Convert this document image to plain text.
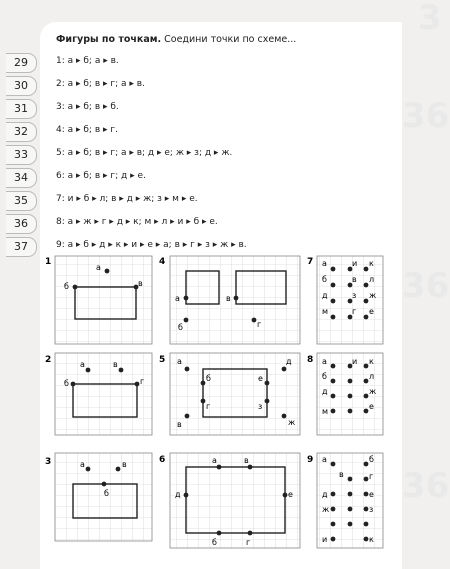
3
36
36
36
Фигуры по точкам. Соедини точки по схеме...
29
30
31
32
33
34
35
36
37
1: а ▸ б; а ▸ в.
2: а ▸ б; в ▸ г; а ▸ в.
3: а ▸ б; в ▸ б.
4: а ▸ б; в ▸ г.
5: а ▸ б; в ▸ г; а ▸ в; д ▸ е; ж ▸ з; д ▸ ж.
6: а ▸ б; в ▸ г; д ▸ е.
7: и ▸ б ▸ л; в ▸ д ▸ ж; з ▸ м ▸ е.
8: а ▸ ж ▸ г ▸ д ▸ к; м ▸ л ▸ и ▸ б ▸ е.
9: а ▸ б ▸ д ▸ к ▸ и ▸ е ▸ а; в ▸ г ▸ з ▸ ж ▸ в.
1
а
б	в
2	а	в
б	г
3	а	в
б
4
а	в
б	г
5 а	д
б	е
г	з
в	ж
6	а	в
д	е
б	г
7 а	и к
б	в л
д	з ж
м	г е
8 а	и к
б	л
д	ж
м
е
9 а	б
в	г
д	е
ж	з
и	к
